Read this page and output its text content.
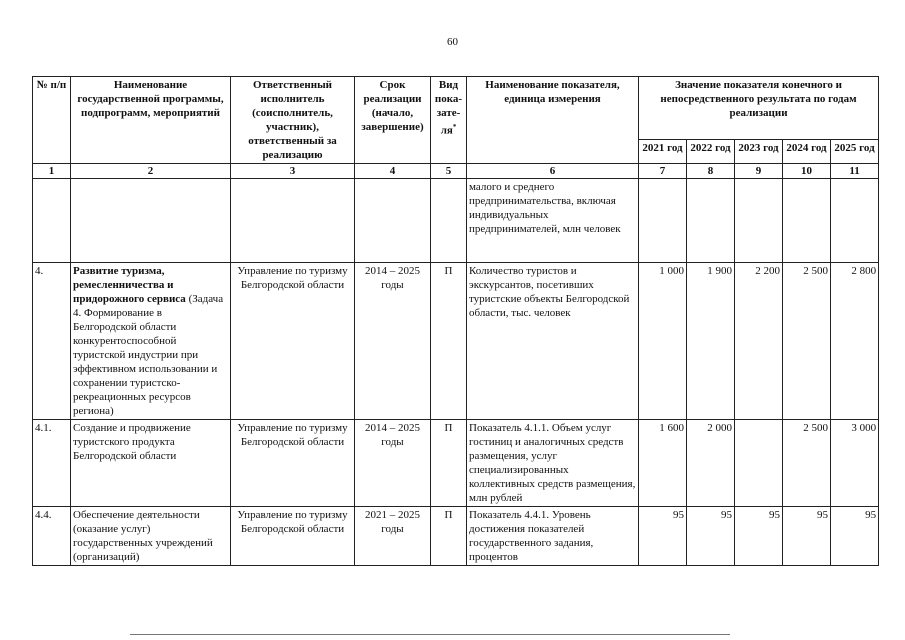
60
№ п/п	Наименование государственной программы, подпрограмм, мероприятий	Ответственный исполнитель (соисполнитель, участник), ответственный за реализацию	Срок реализации (начало, завершение)	Вид пока-зате-ля*	Наименование показателя, единица измерения	Значение показателя конечного и непосредственного результата по годам реализации				
						2021 год	2022 год	2023 год	2024 год	2025 год
1	2	3	4	5	6	7	8	9	10	11
					малого и среднего предпринимательства, включая индивидуальных предпринимателей, млн человек					
4.	Развитие туризма, ремесленничества и придорожного сервиса (Задача 4. Формирование в Белгородской области конкурентоспособной туристской индустрии при эффективном использовании и сохранении туристско-рекреационных ресурсов региона)	Управление по туризму Белгородской области	2014 – 2025 годы	П	Количество туристов и экскурсантов, посетивших туристские объекты Белгородской области, тыс. человек	1 000	1 900	2 200	2 500	2 800
4.1.	Создание и продвижение туристского продукта Белгородской области	Управление по туризму Белгородской области	2014 – 2025 годы	П	Показатель 4.1.1. Объем услуг гостиниц и аналогичных средств размещения, услуг специализированных коллективных средств размещения, млн рублей	1 600	2 000		2 500	3 000
4.4.	Обеспечение деятельности (оказание услуг) государственных учреждений (организаций)	Управление по туризму Белгородской области	2021 – 2025 годы	П	Показатель 4.4.1. Уровень достижения показателей государственного задания, процентов	95	95	95	95	95
